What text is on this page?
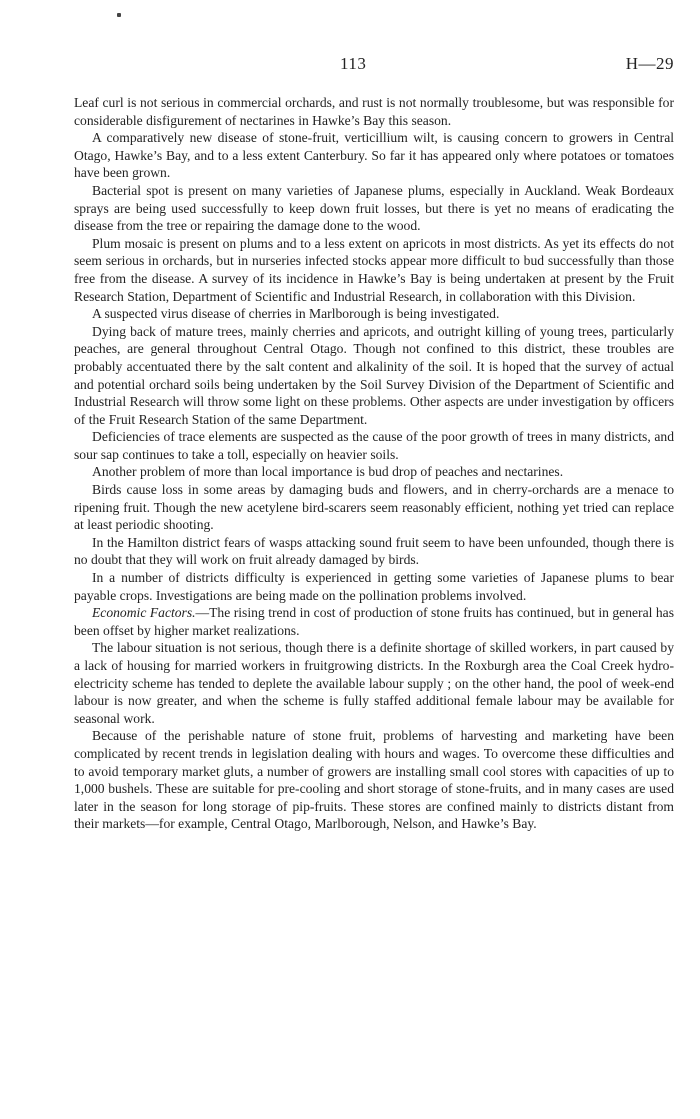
113	H—29

Leaf curl is not serious in commercial orchards, and rust is not normally troublesome, but was responsible for considerable disfigurement of nectarines in Hawke’s Bay this season.

A comparatively new disease of stone-fruit, verticillium wilt, is causing concern to growers in Central Otago, Hawke’s Bay, and to a less extent Canterbury. So far it has appeared only where potatoes or tomatoes have been grown.

Bacterial spot is present on many varieties of Japanese plums, especially in Auckland. Weak Bordeaux sprays are being used successfully to keep down fruit losses, but there is yet no means of eradicating the disease from the tree or repairing the damage done to the wood.

Plum mosaic is present on plums and to a less extent on apricots in most districts. As yet its effects do not seem serious in orchards, but in nurseries infected stocks appear more difficult to bud successfully than those free from the disease. A survey of its incidence in Hawke’s Bay is being undertaken at present by the Fruit Research Station, Department of Scientific and Industrial Research, in collaboration with this Division.

A suspected virus disease of cherries in Marlborough is being investigated.

Dying back of mature trees, mainly cherries and apricots, and outright killing of young trees, particularly peaches, are general throughout Central Otago. Though not confined to this district, these troubles are probably accentuated there by the salt content and alkalinity of the soil. It is hoped that the survey of actual and potential orchard soils being undertaken by the Soil Survey Division of the Department of Scientific and Industrial Research will throw some light on these problems. Other aspects are under investigation by officers of the Fruit Research Station of the same Department.

Deficiencies of trace elements are suspected as the cause of the poor growth of trees in many districts, and sour sap continues to take a toll, especially on heavier soils.

Another problem of more than local importance is bud drop of peaches and nectarines.

Birds cause loss in some areas by damaging buds and flowers, and in cherry-orchards are a menace to ripening fruit. Though the new acetylene bird-scarers seem reasonably efficient, nothing yet tried can replace at least periodic shooting.

In the Hamilton district fears of wasps attacking sound fruit seem to have been unfounded, though there is no doubt that they will work on fruit already damaged by birds.

In a number of districts difficulty is experienced in getting some varieties of Japanese plums to bear payable crops. Investigations are being made on the pollination problems involved.

Economic Factors.—The rising trend in cost of production of stone fruits has continued, but in general has been offset by higher market realizations.

The labour situation is not serious, though there is a definite shortage of skilled workers, in part caused by a lack of housing for married workers in fruitgrowing districts. In the Roxburgh area the Coal Creek hydro-electricity scheme has tended to deplete the available labour supply ; on the other hand, the pool of week-end labour is now greater, and when the scheme is fully staffed additional female labour may be available for seasonal work.

Because of the perishable nature of stone fruit, problems of harvesting and marketing have been complicated by recent trends in legislation dealing with hours and wages. To overcome these difficulties and to avoid temporary market gluts, a number of growers are installing small cool stores with capacities of up to 1,000 bushels. These are suitable for pre-cooling and short storage of stone-fruits, and in many cases are used later in the season for long storage of pip-fruits. These stores are confined mainly to districts distant from their markets—for example, Central Otago, Marlborough, Nelson, and Hawke’s Bay.
